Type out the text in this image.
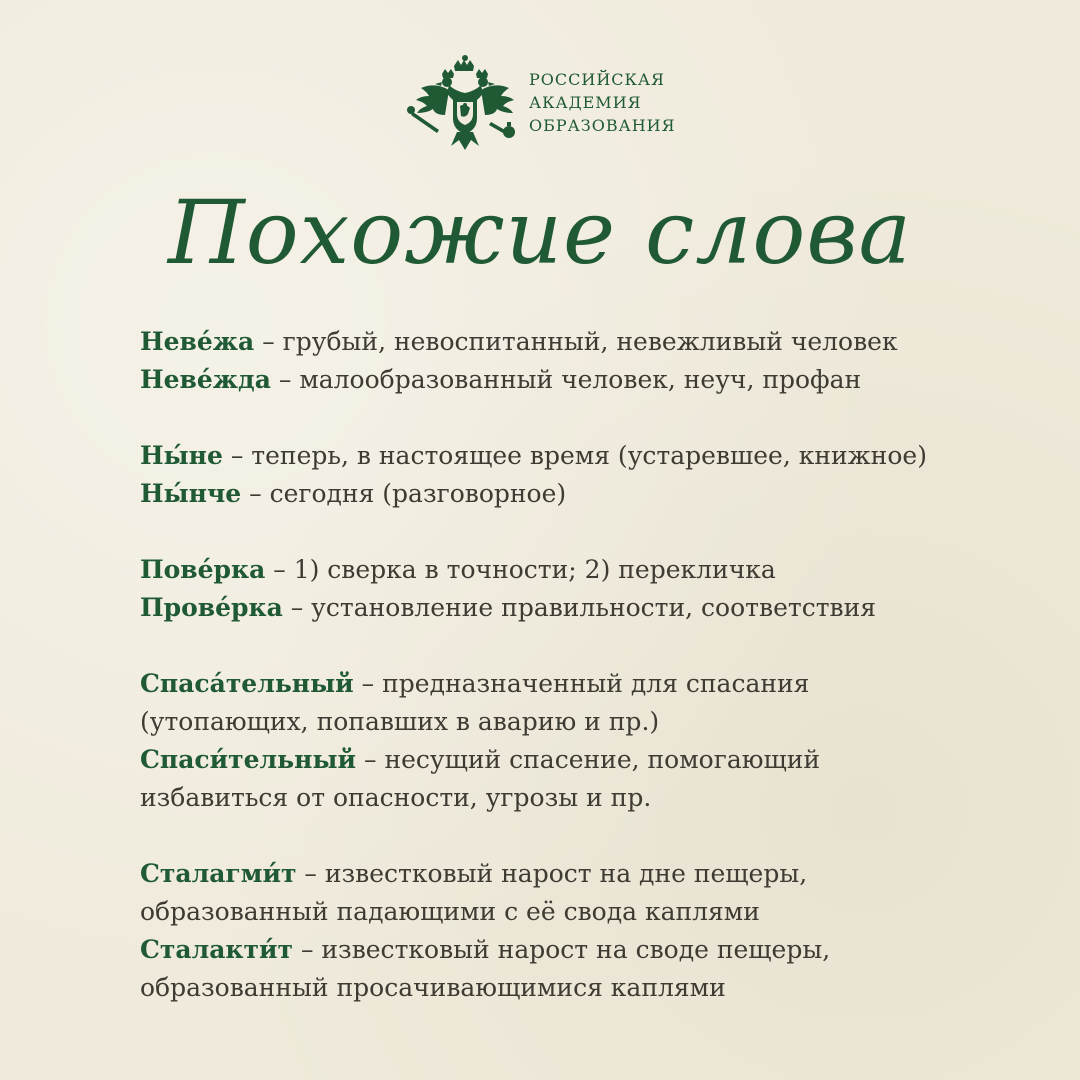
РОССИЙСКАЯ
АКАДЕМИЯ
ОБРАЗОВАНИЯ
Похожие слова
Невéжа – грубый, невоспитанный, невежливый человек
Невéжда – малообразованный человек, неуч, профан
Ны́не – теперь, в настоящее время (устаревшее, книжное)
Ны́нче – сегодня (разговорное)
Повéрка – 1) сверка в точности; 2) перекличка
Провéрка – установление правильности, соответствия
Спасáтельный – предназначенный для спасания
(утопающих, попавших в аварию и пр.)
Спаси́тельный – несущий спасение, помогающий
избавиться от опасности, угрозы и пр.
Сталагми́т – известковый нарост на дне пещеры,
образованный падающими с её свода каплями
Сталакти́т – известковый нарост на своде пещеры,
образованный просачивающимися каплями
